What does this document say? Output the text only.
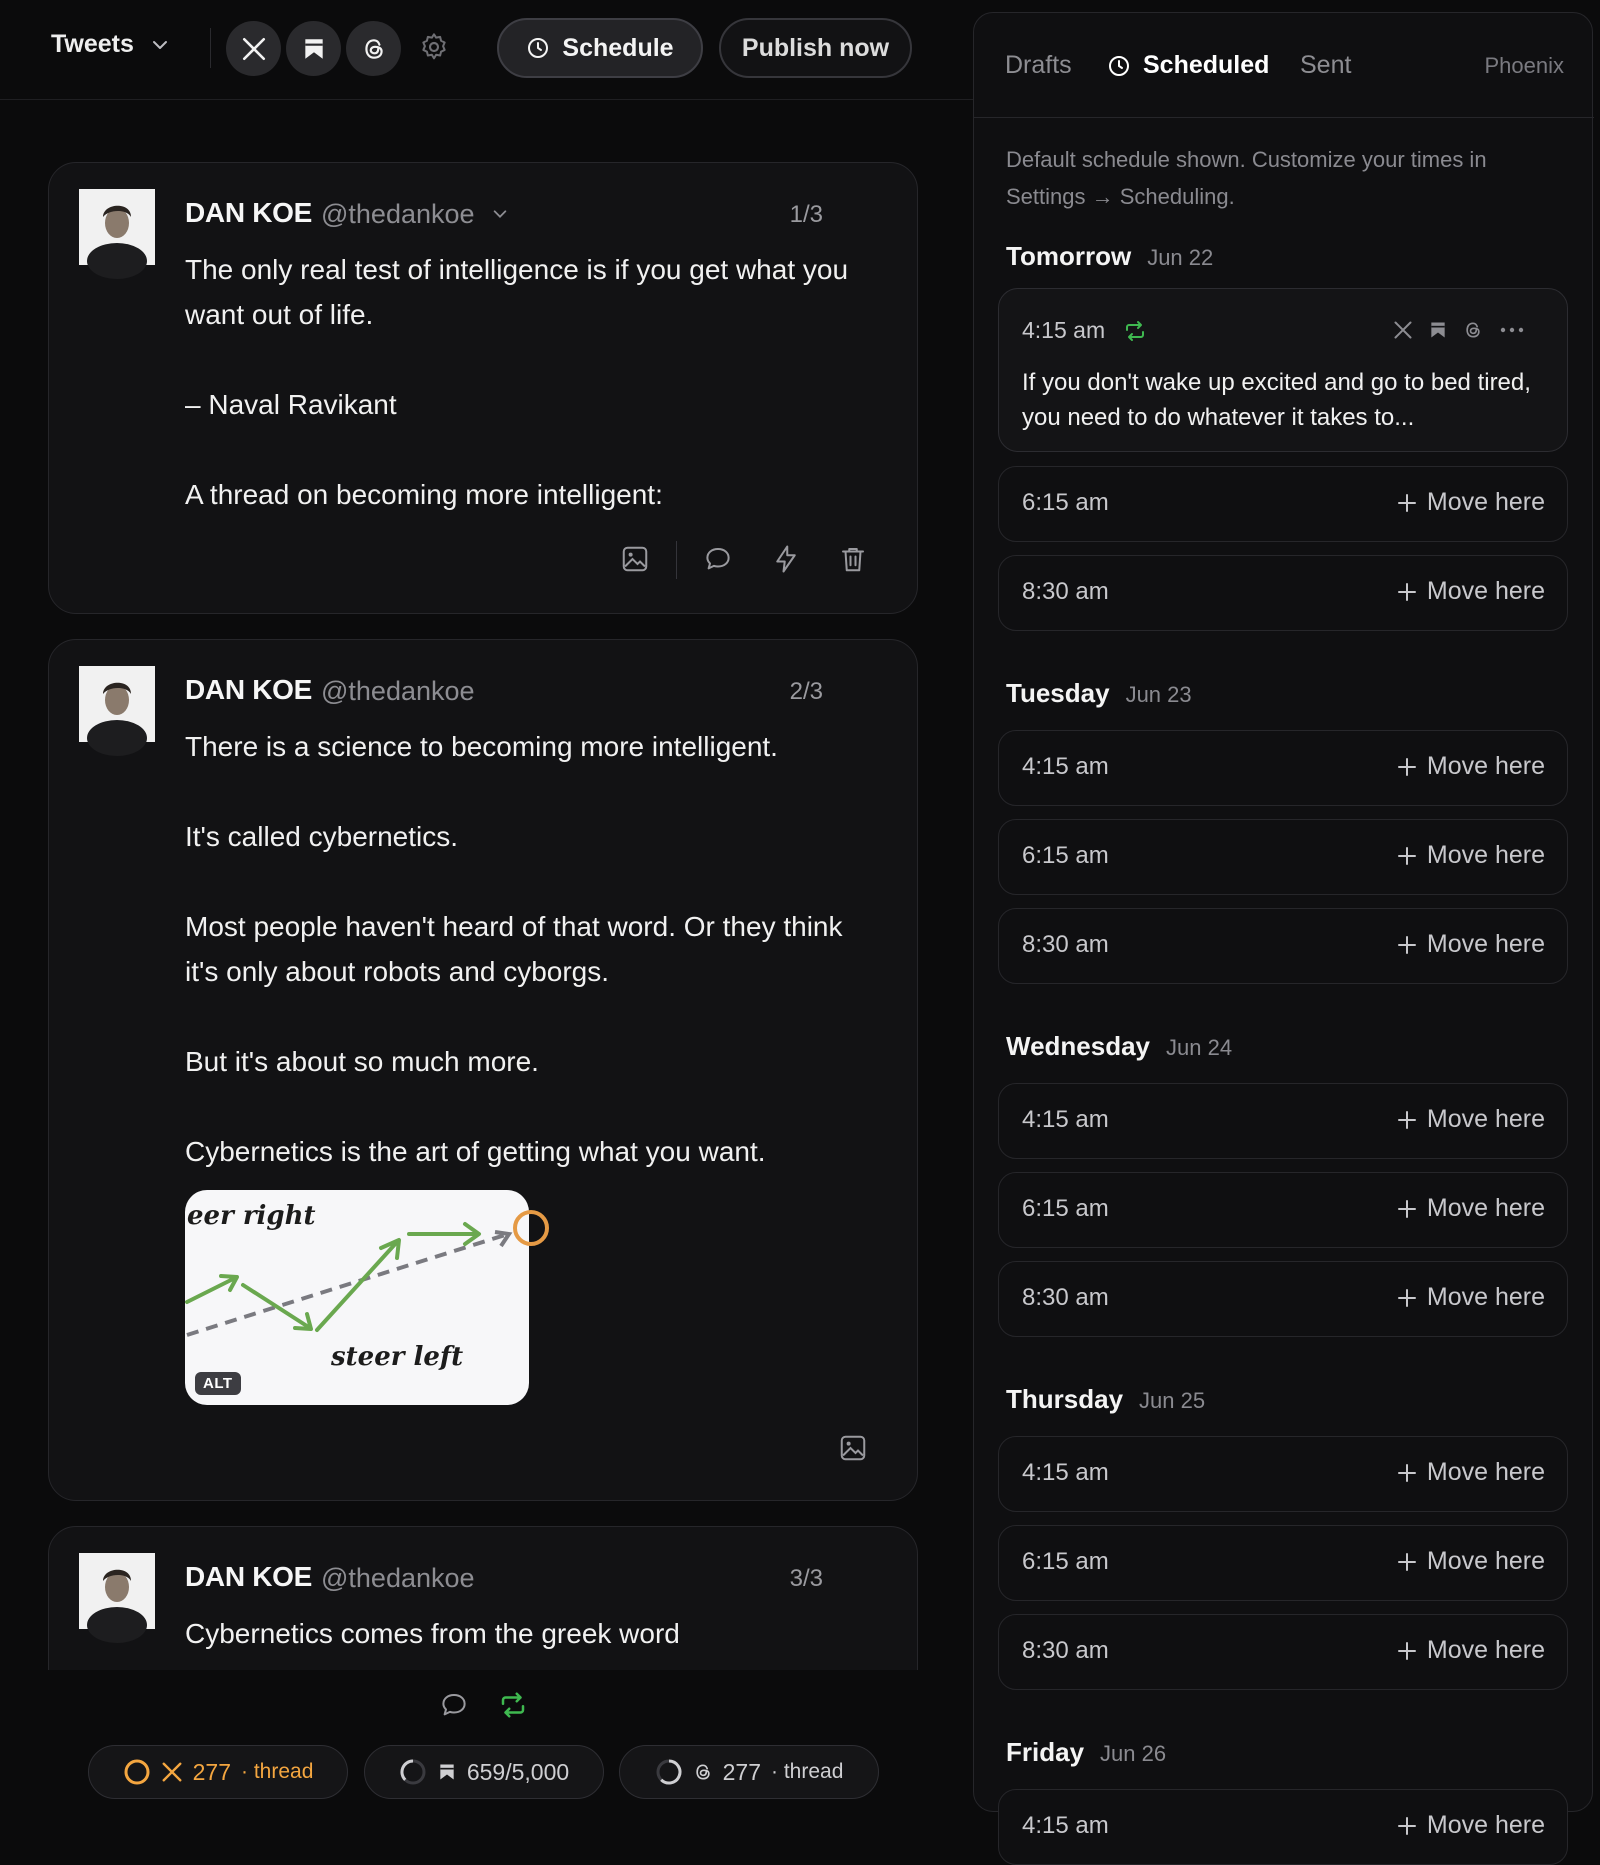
Tweets	Schedule	Publish now
DAN KOE @thedankoe	1/3

The only real test of intelligence is if you get what you want out of life.

– Naval Ravikant

A thread on becoming more intelligent:

DAN KOE @thedankoe	2/3

There is a science to becoming more intelligent.

It's called cybernetics.

Most people haven't heard of that word. Or they think it's only about robots and cyborgs.

But it's about so much more.

Cybernetics is the art of getting what you want.

eer right
steer left
ALT
DAN KOE @thedankoe	3/3

Cybernetics comes from the greek word

277 · thread	659/5,000	277 · thread
Drafts	Scheduled Sent	Phoenix
Default schedule shown. Customize your times in Settings → Scheduling.
Tomorrow Jun 22
4:15 am
If you don't wake up excited and go to bed tired, you need to do whatever it takes to...
6:15 am	Move here
8:30 am	Move here
Tuesday Jun 23
4:15 am	Move here
6:15 am	Move here
8:30 am	Move here
Wednesday Jun 24
4:15 am	Move here
6:15 am	Move here
8:30 am	Move here
Thursday Jun 25
4:15 am	Move here
6:15 am	Move here
8:30 am	Move here
Friday Jun 26
4:15 am	Move here
